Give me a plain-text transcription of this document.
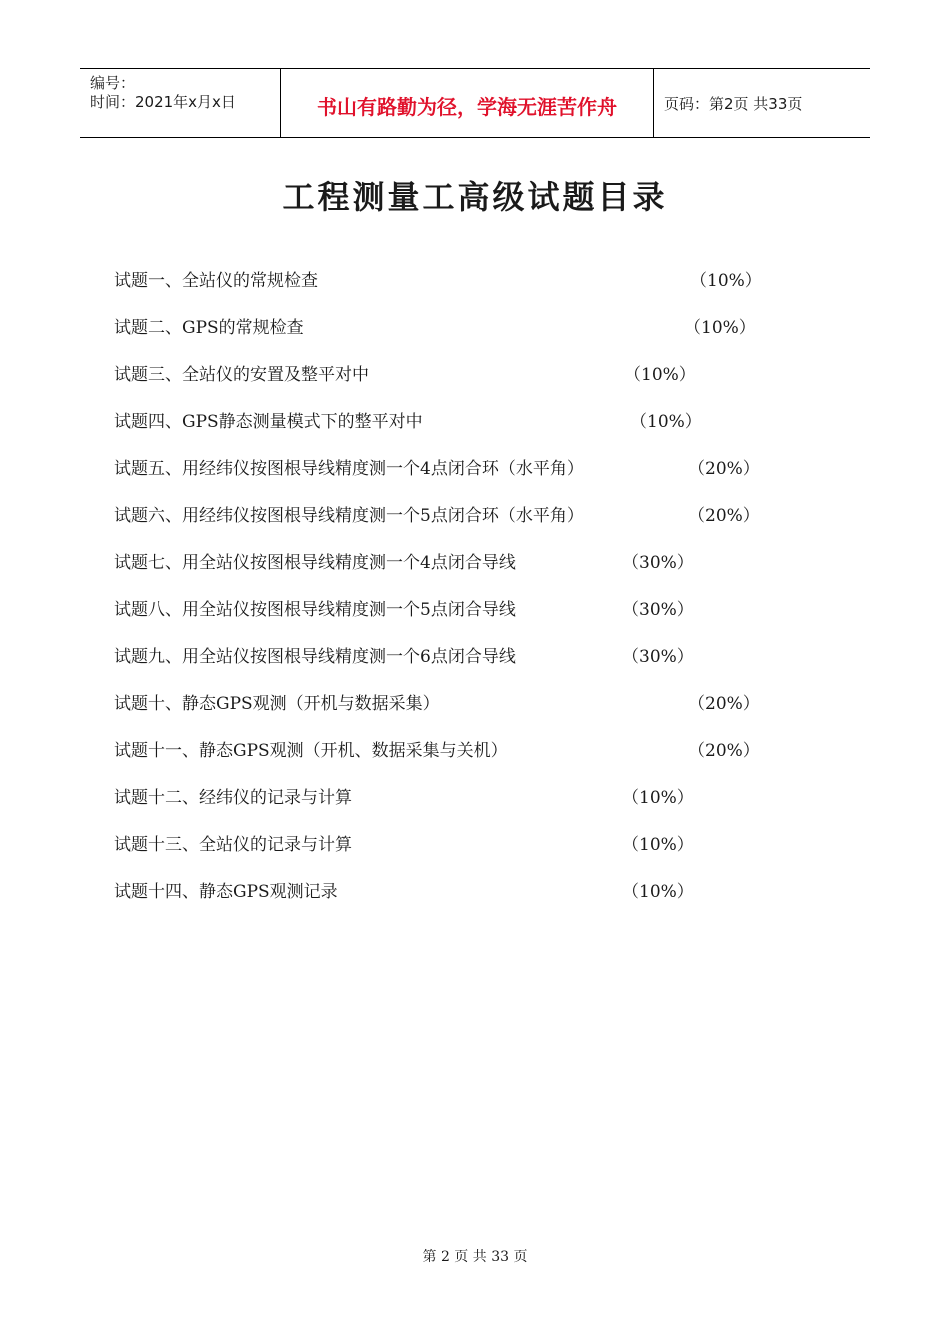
编号：
时间：2021年x月x日	书山有路勤为径，学海无涯苦作舟	页码：第2页 共33页
工程测量工高级试题目录
试题一、全站仪的常规检查	（10%）
试题二、GPS的常规检查	（10%）
试题三、全站仪的安置及整平对中	（10%）
试题四、GPS静态测量模式下的整平对中	（10%）
试题五、用经纬仪按图根导线精度测一个4点闭合环（水平角）	（20%）
试题六、用经纬仪按图根导线精度测一个5点闭合环（水平角）	（20%）
试题七、用全站仪按图根导线精度测一个4点闭合导线	（30%）
试题八、用全站仪按图根导线精度测一个5点闭合导线	（30%）
试题九、用全站仪按图根导线精度测一个6点闭合导线	（30%）
试题十、静态GPS观测（开机与数据采集）	（20%）
试题十一、静态GPS观测（开机、数据采集与关机）	（20%）
试题十二、经纬仪的记录与计算	（10%）
试题十三、全站仪的记录与计算	（10%）
试题十四、静态GPS观测记录	（10%）
第 2 页 共 33 页
